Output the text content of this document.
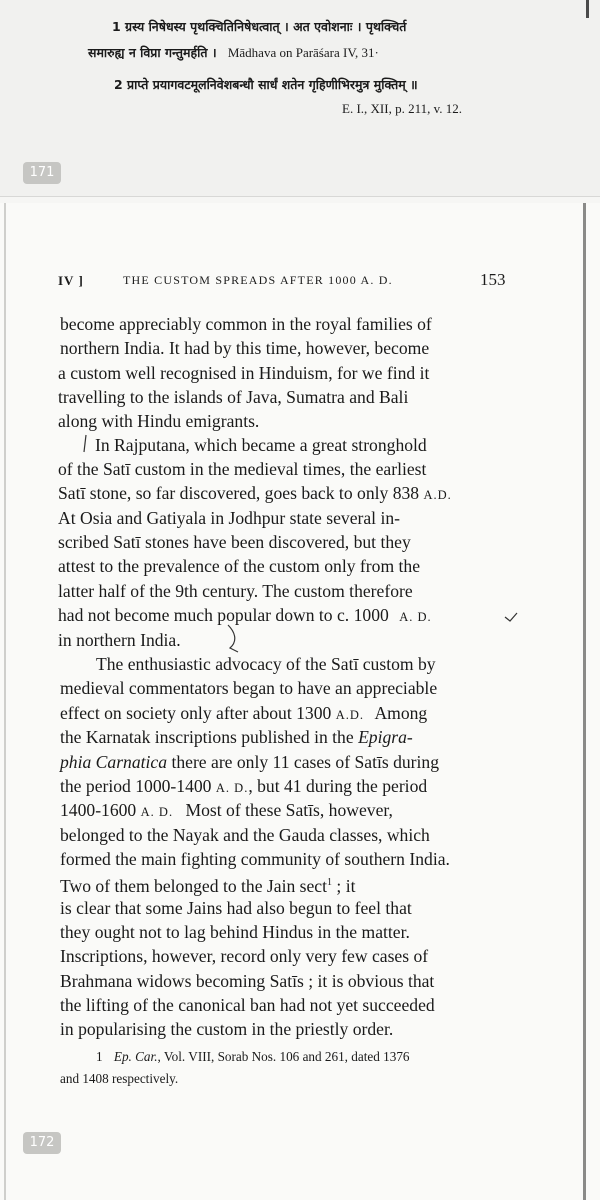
1 ग्रस्य निषेधस्य पृथक्चितिनिषेधत्वात् । अत एवोशनाः । पृथक्चिर्त
समारुह्य न विप्रा गन्तुमर्हति । Mādhava on Parāśara IV, 31·
2 प्राप्ते प्रयागवटमूलनिवेशबन्धौ सार्धं शतेन गृहिणीभिरमुत्र मुक्तिम् ॥
E. I., XII, p. 211, v. 12.
171
IV ]	THE CUSTOM SPREADS AFTER 1000 A. D.	153
become appreciably common in the royal families of
northern India. It had by this time, however, become
a custom well recognised in Hinduism, for we find it
travelling to the islands of Java, Sumatra and Bali
along with Hindu emigrants.
In Rajputana, which became a great stronghold
of the Satī custom in the medieval times, the earliest
Satī stone, so far discovered, goes back to only 838 A.D.
At Osia and Gatiyala in Jodhpur state several in-
scribed Satī stones have been discovered, but they
attest to the prevalence of the custom only from the
latter half of the 9th century. The custom therefore
had not become much popular down to c. 1000 A. D.
in northern India.
The enthusiastic advocacy of the Satī custom by
medieval commentators began to have an appreciable
effect on society only after about 1300 A.D. Among
the Karnatak inscriptions published in the Epigra-
phia Carnatica there are only 11 cases of Satīs during
the period 1000-1400 A. D., but 41 during the period
1400-1600 A. D. Most of these Satīs, however,
belonged to the Nayak and the Gauda classes, which
formed the main fighting community of southern India.
Two of them belonged to the Jain sect$^1$ ; it
is clear that some Jains had also begun to feel that
they ought not to lag behind Hindus in the matter.
Inscriptions, however, record only very few cases of
Brahmana widows becoming Satīs ; it is obvious that
the lifting of the canonical ban had not yet succeeded
in popularising the custom in the priestly order.
1 Ep. Car., Vol. VIII, Sorab Nos. 106 and 261, dated 1376
and 1408 respectively.
172
